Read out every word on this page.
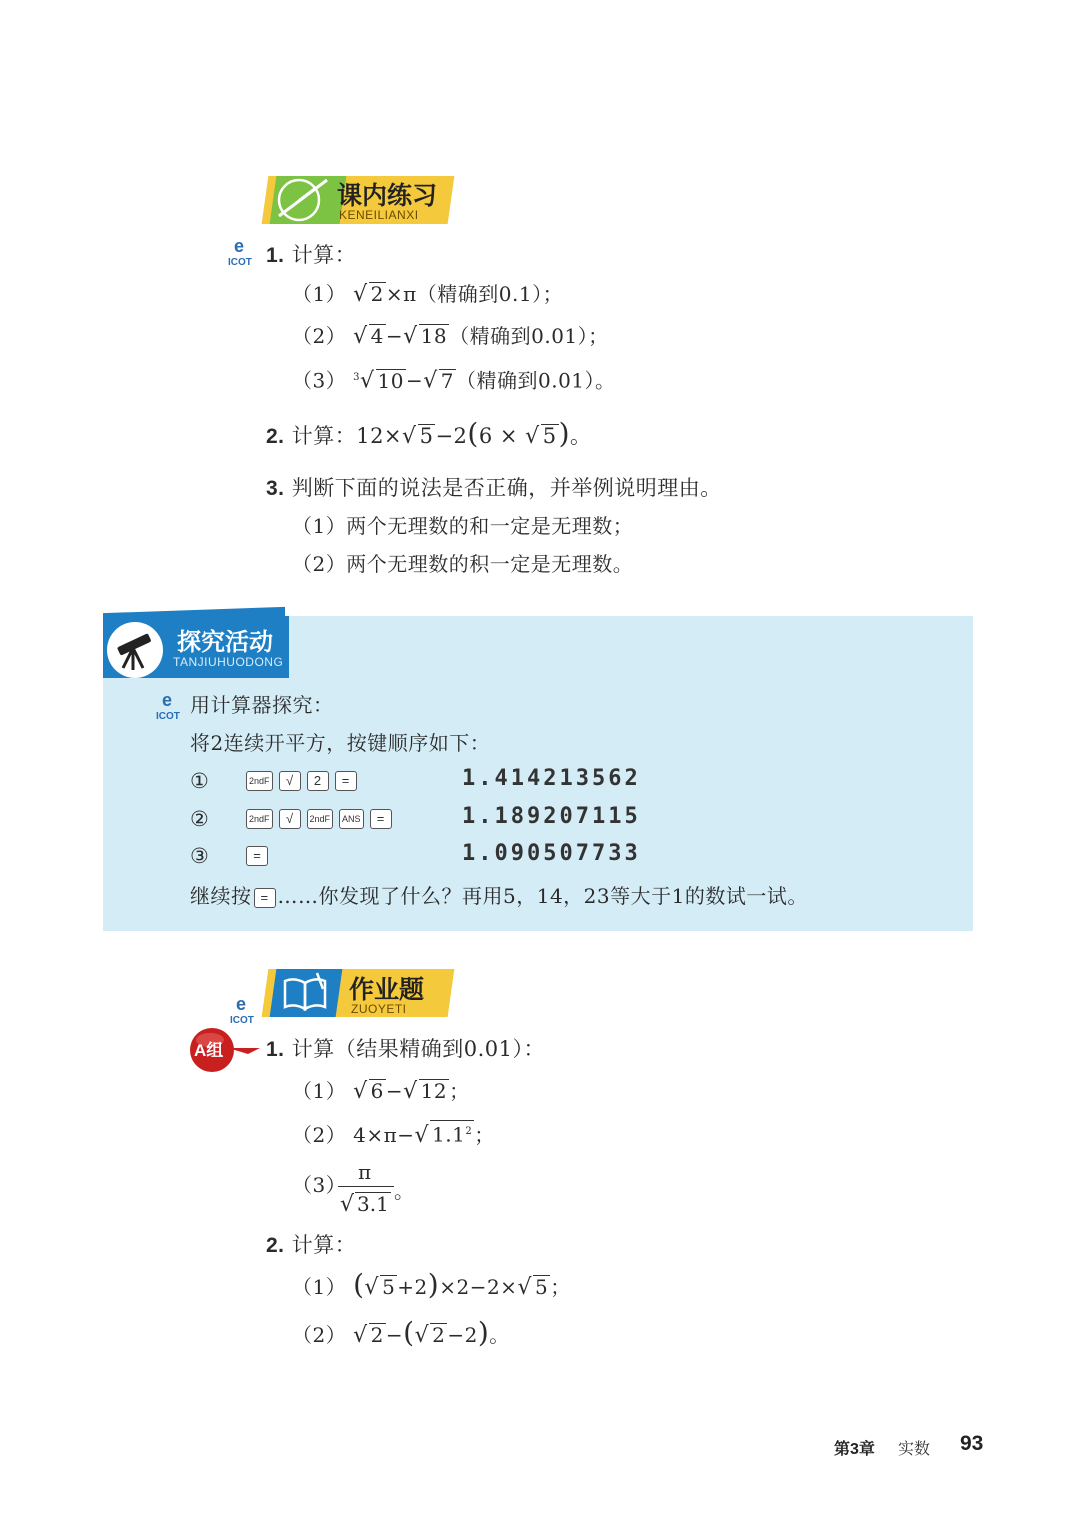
课内练习
KENEILIANXI
e
ICOT 1. 计算：
（1） √ 2 ×π（精确到0.1）；
（2） √ 4 −√ 18 （精确到0.01）；
（3） $^3$√ 10 −√ 7 （精确到0.01）。
2. 计算：12×√ 5−2(6 × √ 5)。
3. 判断下面的说法是否正确，并举例说明理由。
（1）两个无理数的和一定是无理数；
（2）两个无理数的积一定是无理数。
探究活动
TANJIUHUODONG
e
ICOT 用计算器探究：
将2连续开平方，按键顺序如下：
①	2ndF √ 2 =	1.414213562
②	2ndF √ 2ndF ANS =	1.189207115
③	=	1.090507733
继续按 = ……你发现了什么？再用5，14，23等大于1的数试一试。
作业题
ZUOYETI
e
ICOT
A组 1. 计算（结果精确到0.01）：
（1） √ 6 −√ 12 ；
（2） 4×π−√ $1.1^2$ ；
（3）
π
√ 3.1
。
2. 计算：
（1） (√ 5 +2)×2−2×√ 5 ；
（2） √ 2 −(√ 2 −2)。
第3章 实数 93
